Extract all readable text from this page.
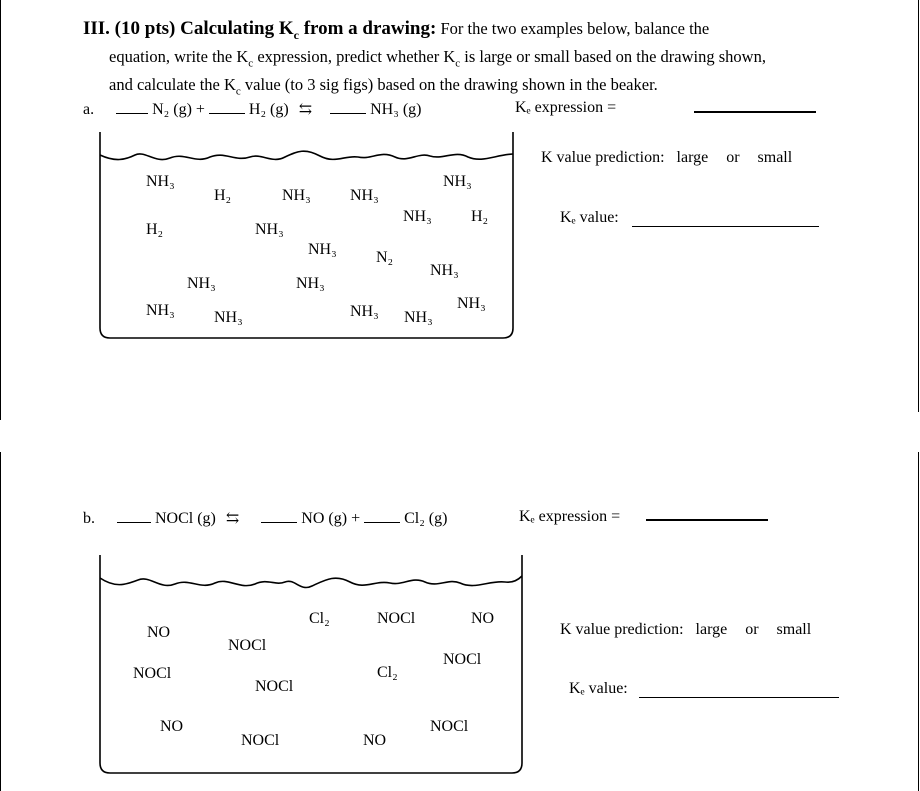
III. (10 pts) Calculating $K_c$ from a drawing: For the two examples below, balance the
equation, write the $K_c$ expression, predict whether $K_c$ is large or small based on the drawing shown,
and calculate the $K_c$ value (to 3 sig figs) based on the drawing shown in the beaker.
a.	N₂ (g) +	H₂ (g) ⇆	NH₃ (g)	Kₑ expression =
K value prediction: large or small
Kₑ value:
b.	NOCl (g) ⇆	NO (g) +	Cl₂ (g)	Kₑ expression =
K value prediction: large or small
Kₑ value:
NH₃
H₂	NH₃ NH₃
NH₃
NH₃ H₂
H₂	NH₃
NH₃ N₂
NH₃
NH₃	NH₃
NH₃ NH₃	NH₃ NH₃
NH₃
Cl₂	NOCl	NO
NO
NOCl
NOCl
NOCl	Cl₂
NOCl
NO	NOCl
NOCl	NO
